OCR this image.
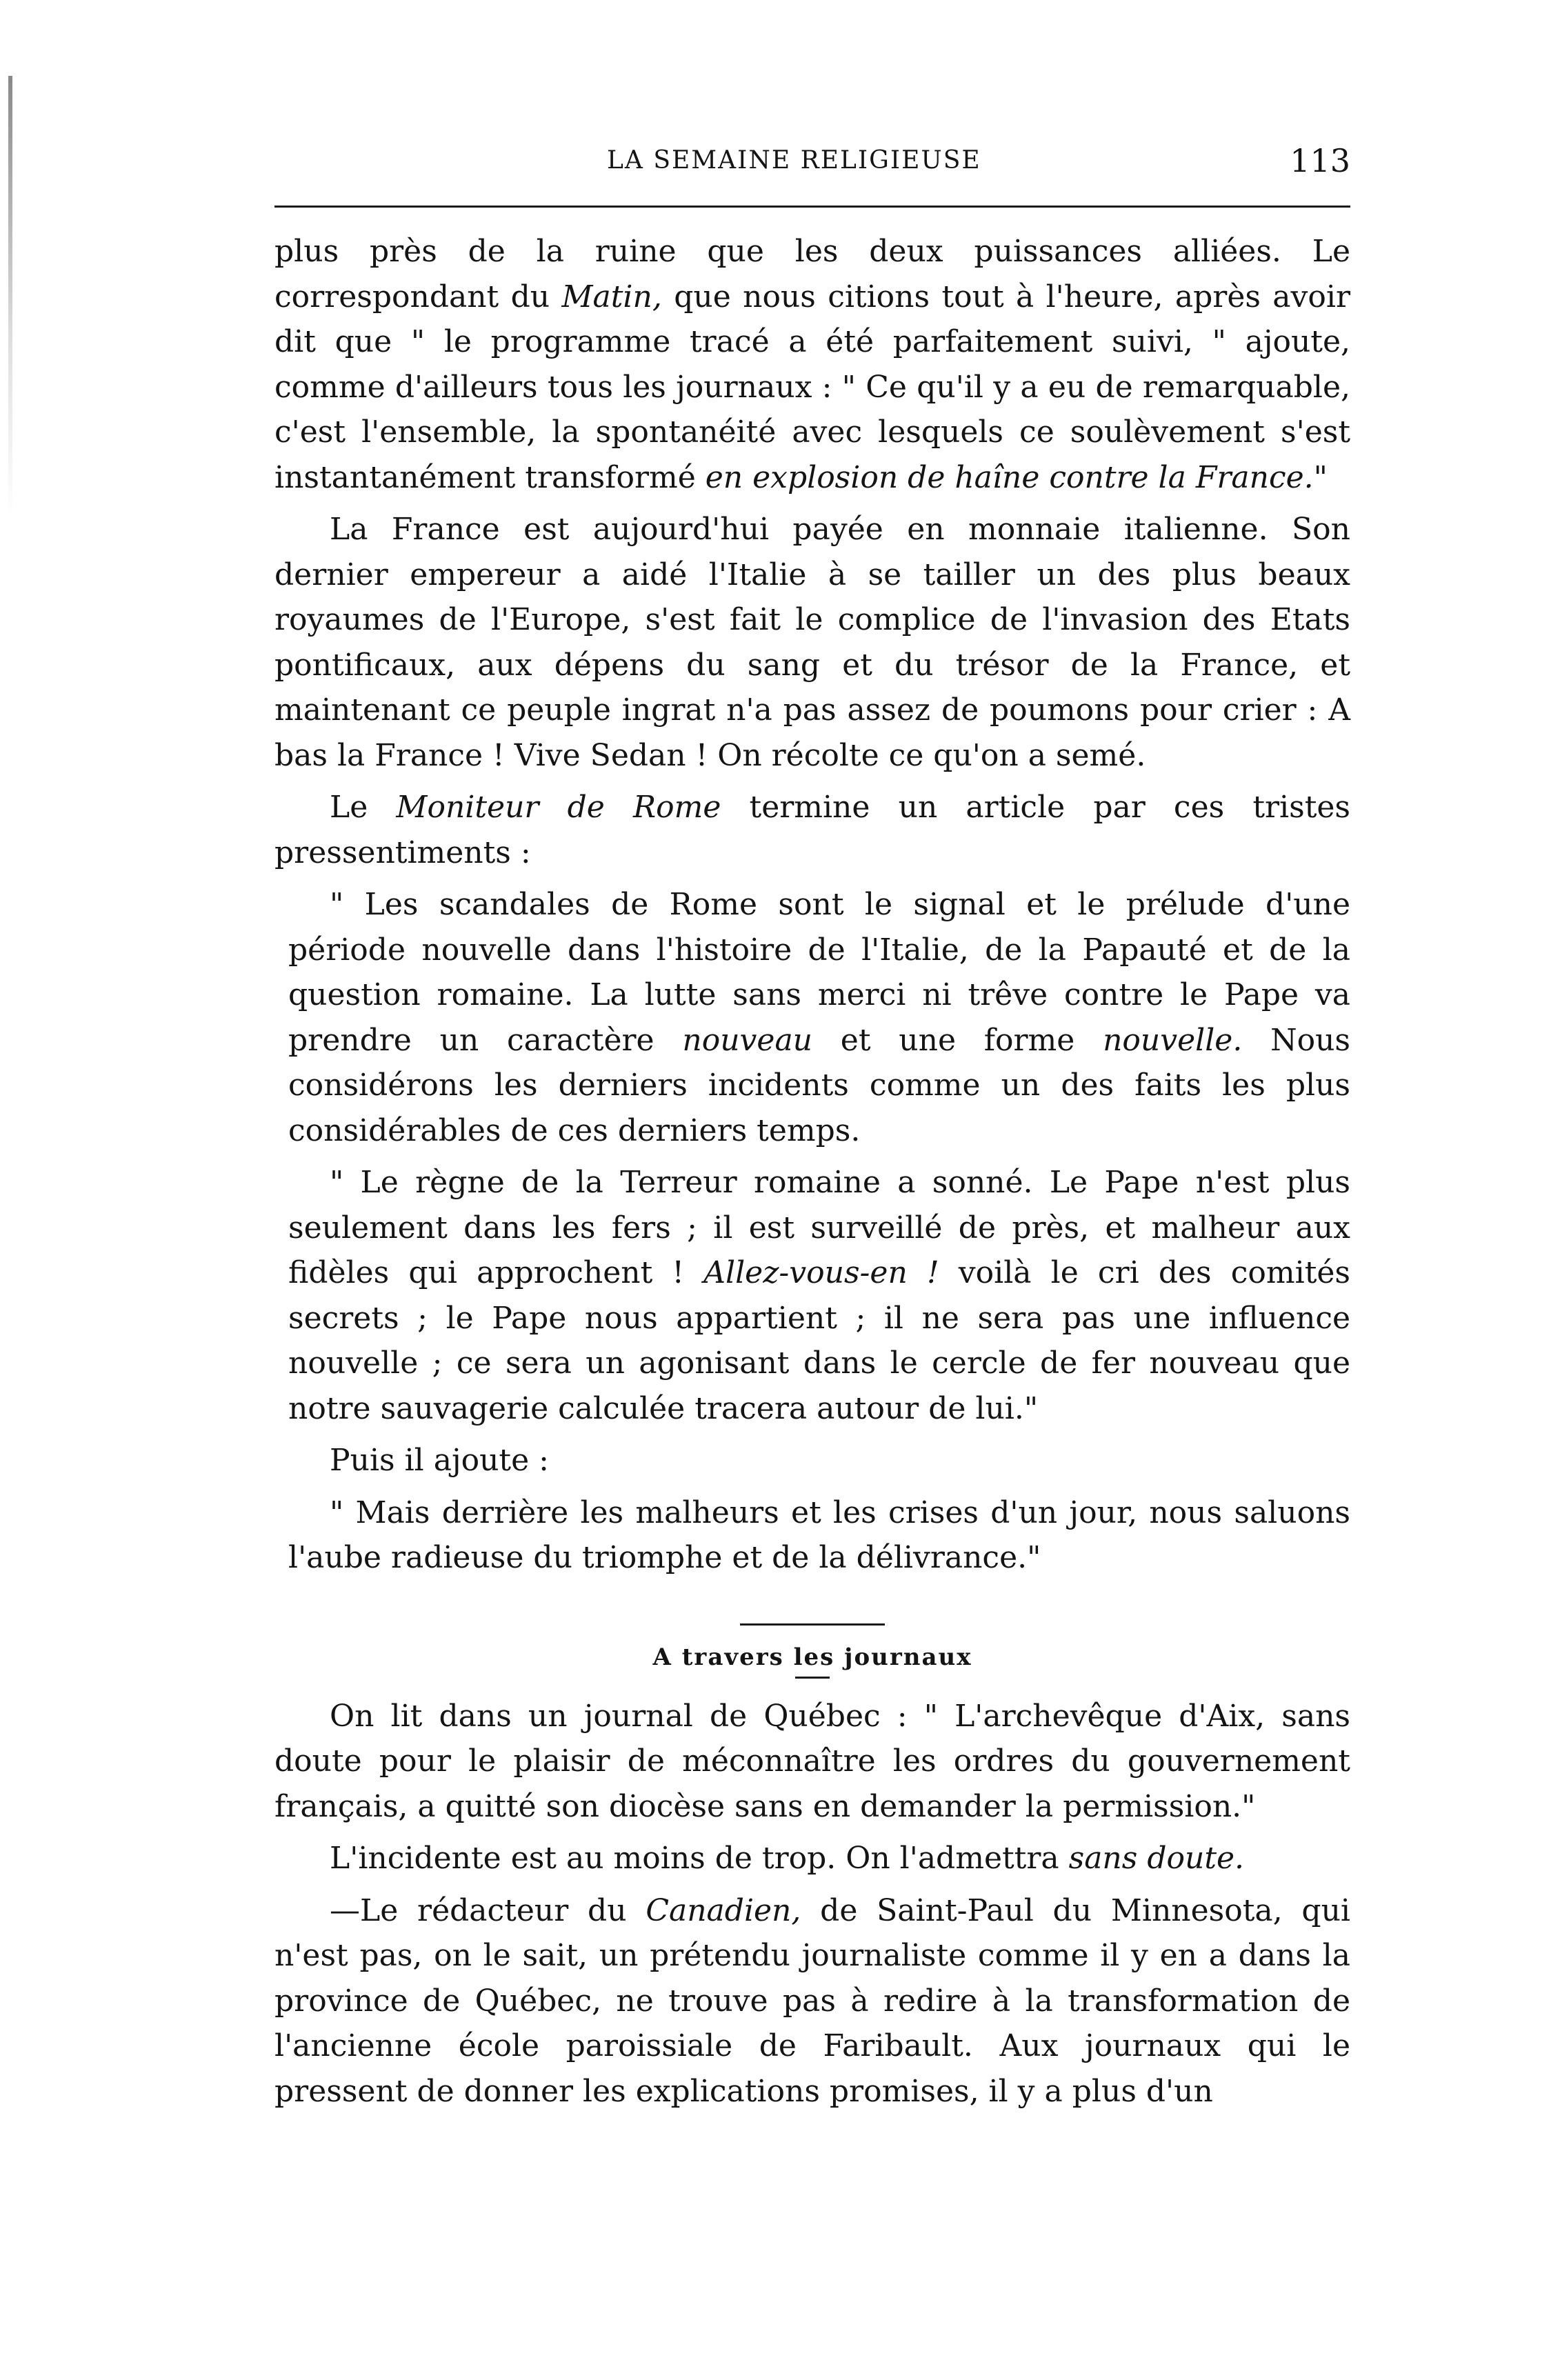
LA SEMAINE RELIGIEUSE	113

plus près de la ruine que les deux puissances alliées. Le correspondant du Matin, que nous citions tout à l'heure, après avoir dit que " le programme tracé a été parfaitement suivi, " ajoute, comme d'ailleurs tous les journaux : " Ce qu'il y a eu de remarquable, c'est l'ensemble, la spontanéité avec lesquels ce soulèvement s'est instantanément transformé en explosion de haîne contre la France."

La France est aujourd'hui payée en monnaie italienne. Son dernier empereur a aidé l'Italie à se tailler un des plus beaux royaumes de l'Europe, s'est fait le complice de l'invasion des Etats pontificaux, aux dépens du sang et du trésor de la France, et maintenant ce peuple ingrat n'a pas assez de poumons pour crier : A bas la France ! Vive Sedan ! On récolte ce qu'on a semé.

Le Moniteur de Rome termine un article par ces tristes pressentiments :

" Les scandales de Rome sont le signal et le prélude d'une période nouvelle dans l'histoire de l'Italie, de la Papauté et de la question romaine. La lutte sans merci ni trêve contre le Pape va prendre un caractère nouveau et une forme nouvelle. Nous considérons les derniers incidents comme un des faits les plus considérables de ces derniers temps.

" Le règne de la Terreur romaine a sonné. Le Pape n'est plus seulement dans les fers ; il est surveillé de près, et malheur aux fidèles qui approchent ! Allez-vous-en ! voilà le cri des comités secrets ; le Pape nous appartient ; il ne sera pas une influence nouvelle ; ce sera un agonisant dans le cercle de fer nouveau que notre sauvagerie calculée tracera autour de lui."

Puis il ajoute :

" Mais derrière les malheurs et les crises d'un jour, nous saluons l'aube radieuse du triomphe et de la délivrance."

A travers les journaux

On lit dans un journal de Québec : " L'archevêque d'Aix, sans doute pour le plaisir de méconnaître les ordres du gouvernement français, a quitté son diocèse sans en demander la permission."

L'incidente est au moins de trop. On l'admettra sans doute.

—Le rédacteur du Canadien, de Saint-Paul du Minnesota, qui n'est pas, on le sait, un prétendu journaliste comme il y en a dans la province de Québec, ne trouve pas à redire à la transformation de l'ancienne école paroissiale de Faribault. Aux journaux qui le pressent de donner les explications promises, il y a plus d'un
